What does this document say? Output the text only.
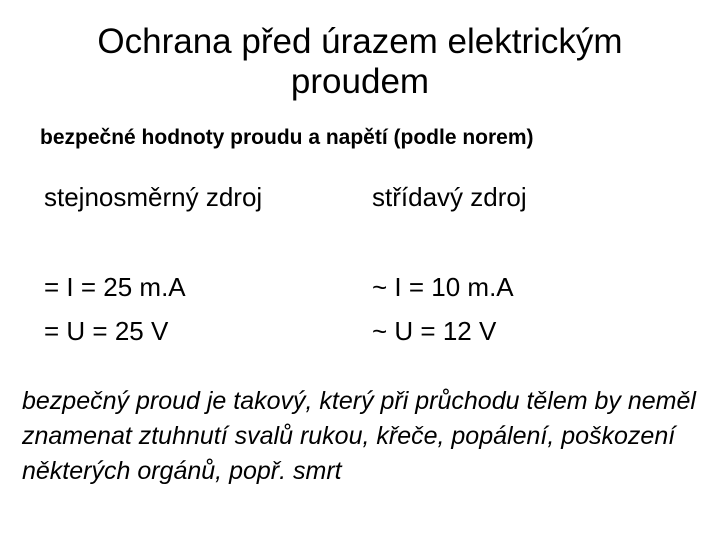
Ochrana před úrazem elektrickým proudem

bezpečné hodnoty proudu a napětí (podle norem)

stejnosměrný zdroj
= I = 25 m.A
= U = 25 V
střídavý zdroj
~ I = 10 m.A
~ U = 12 V

bezpečný proud je takový, který při průchodu tělem by neměl znamenat ztuhnutí svalů rukou, křeče, popálení, poškození některých orgánů, popř. smrt
